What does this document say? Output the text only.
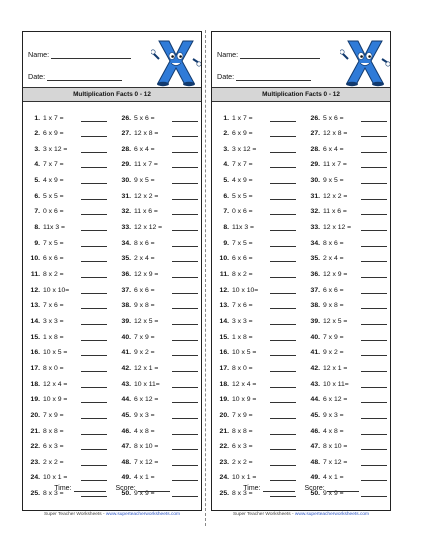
Name:
Date:
Multiplication Facts 0 - 12
1. 1 x 7 =
2. 6 x 9 =
3. 3 x 12 =
4. 7 x 7 =
5. 4 x 9 =
6. 5 x 5 =
7. 0 x 6 =
8. 11x 3 =
9. 7 x 5 =
10. 6 x 6 =
11. 8 x 2 =
12. 10 x 10=
13. 7 x 6 =
14. 3 x 3 =
15. 1 x 8 =
16. 10 x 5 =
17. 8 x 0 =
18. 12 x 4 =
19. 10 x 9 =
20. 7 x 9 =
21. 8 x 8 =
22. 6 x 3 =
23. 2 x 2 =
24. 10 x 1 =
25. 8 x 3 =
26. 5 x 6 =
27. 12 x 8 =
28. 6 x 4 =
29. 11 x 7 =
30. 9 x 5 =
31. 12 x 2 =
32. 11 x 6 =
33. 12 x 12 =
34. 8 x 6 =
35. 2 x 4 =
36. 12 x 9 =
37. 6 x 6 =
38. 9 x 8 =
39. 12 x 5 =
40. 7 x 9 =
41. 9 x 2 =
42. 12 x 1 =
43. 10 x 11=
44. 6 x 12 =
45. 9 x 3 =
46. 4 x 8 =
47. 8 x 10 =
48. 7 x 12 =
49. 4 x 1 =
50. 9 x 9 =
Time:	Score:
Name:
Date:
Multiplication Facts 0 - 12
1. 1 x 7 =
2. 6 x 9 =
3. 3 x 12 =
4. 7 x 7 =
5. 4 x 9 =
6. 5 x 5 =
7. 0 x 6 =
8. 11x 3 =
9. 7 x 5 =
10. 6 x 6 =
11. 8 x 2 =
12. 10 x 10=
13. 7 x 6 =
14. 3 x 3 =
15. 1 x 8 =
16. 10 x 5 =
17. 8 x 0 =
18. 12 x 4 =
19. 10 x 9 =
20. 7 x 9 =
21. 8 x 8 =
22. 6 x 3 =
23. 2 x 2 =
24. 10 x 1 =
25. 8 x 3 =
26. 5 x 6 =
27. 12 x 8 =
28. 6 x 4 =
29. 11 x 7 =
30. 9 x 5 =
31. 12 x 2 =
32. 11 x 6 =
33. 12 x 12 =
34. 8 x 6 =
35. 2 x 4 =
36. 12 x 9 =
37. 6 x 6 =
38. 9 x 8 =
39. 12 x 5 =
40. 7 x 9 =
41. 9 x 2 =
42. 12 x 1 =
43. 10 x 11=
44. 6 x 12 =
45. 9 x 3 =
46. 4 x 8 =
47. 8 x 10 =
48. 7 x 12 =
49. 4 x 1 =
50. 9 x 9 =
Time:	Score:
Super Teacher Worksheets - www.superteacherworksheets.com	Super Teacher Worksheets - www.superteacherworksheets.com
